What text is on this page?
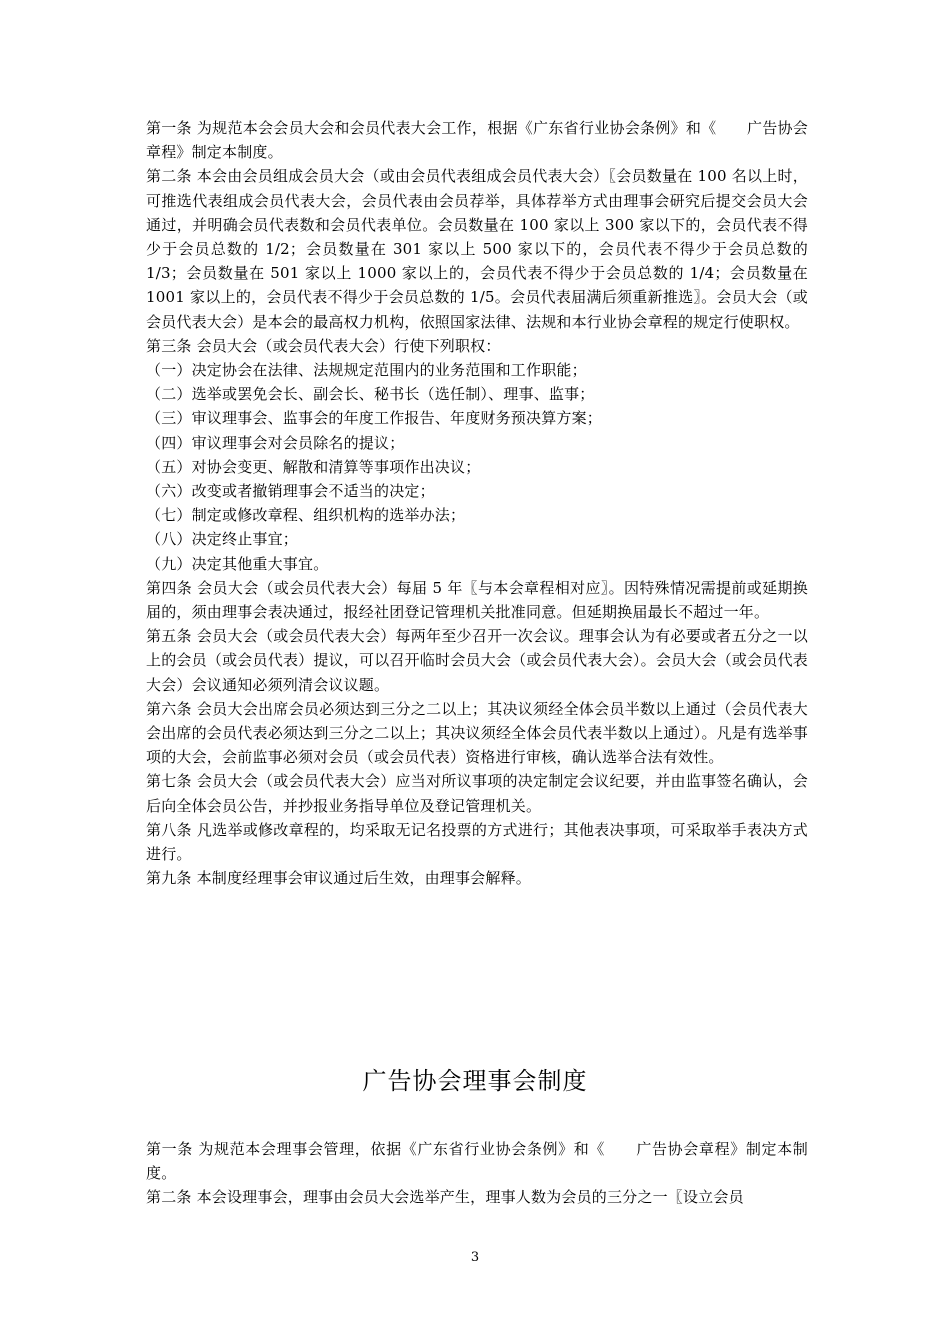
第一条 为规范本会会员大会和会员代表大会工作，根据《广东省行业协会条例》和《　　广告协会章程》制定本制度。

第二条 本会由会员组成会员大会（或由会员代表组成会员代表大会）〖会员数量在 100 名以上时，可推选代表组成会员代表大会，会员代表由会员荐举，具体荐举方式由理事会研究后提交会员大会通过，并明确会员代表数和会员代表单位。会员数量在 100 家以上 300 家以下的，会员代表不得少于会员总数的 1/2；会员数量在 301 家以上 500 家以下的，会员代表不得少于会员总数的 1/3；会员数量在 501 家以上 1000 家以上的，会员代表不得少于会员总数的 1/4；会员数量在 1001 家以上的，会员代表不得少于会员总数的 1/5。会员代表届满后须重新推选〗。会员大会（或会员代表大会）是本会的最高权力机构，依照国家法律、法规和本行业协会章程的规定行使职权。

第三条 会员大会（或会员代表大会）行使下列职权：

（一）决定协会在法律、法规规定范围内的业务范围和工作职能；

（二）选举或罢免会长、副会长、秘书长（选任制）、理事、监事；

（三）审议理事会、监事会的年度工作报告、年度财务预决算方案；

（四）审议理事会对会员除名的提议；

（五）对协会变更、解散和清算等事项作出决议；

（六）改变或者撤销理事会不适当的决定；

（七）制定或修改章程、组织机构的选举办法；

（八）决定终止事宜；

（九）决定其他重大事宜。

第四条 会员大会（或会员代表大会）每届 5 年〖与本会章程相对应〗。因特殊情况需提前或延期换届的，须由理事会表决通过，报经社团登记管理机关批准同意。但延期换届最长不超过一年。

第五条 会员大会（或会员代表大会）每两年至少召开一次会议。理事会认为有必要或者五分之一以上的会员（或会员代表）提议，可以召开临时会员大会（或会员代表大会）。会员大会（或会员代表大会）会议通知必须列清会议议题。

第六条 会员大会出席会员必须达到三分之二以上；其决议须经全体会员半数以上通过（会员代表大会出席的会员代表必须达到三分之二以上；其决议须经全体会员代表半数以上通过）。凡是有选举事项的大会，会前监事必须对会员（或会员代表）资格进行审核，确认选举合法有效性。

第七条 会员大会（或会员代表大会）应当对所议事项的决定制定会议纪要，并由监事签名确认，会后向全体会员公告，并抄报业务指导单位及登记管理机关。

第八条 凡选举或修改章程的，均采取无记名投票的方式进行；其他表决事项，可采取举手表决方式进行。

第九条 本制度经理事会审议通过后生效，由理事会解释。

广告协会理事会制度

第一条 为规范本会理事会管理，依据《广东省行业协会条例》和《　　广告协会章程》制定本制度。

第二条 本会设理事会，理事由会员大会选举产生，理事人数为会员的三分之一〖设立会员

3
